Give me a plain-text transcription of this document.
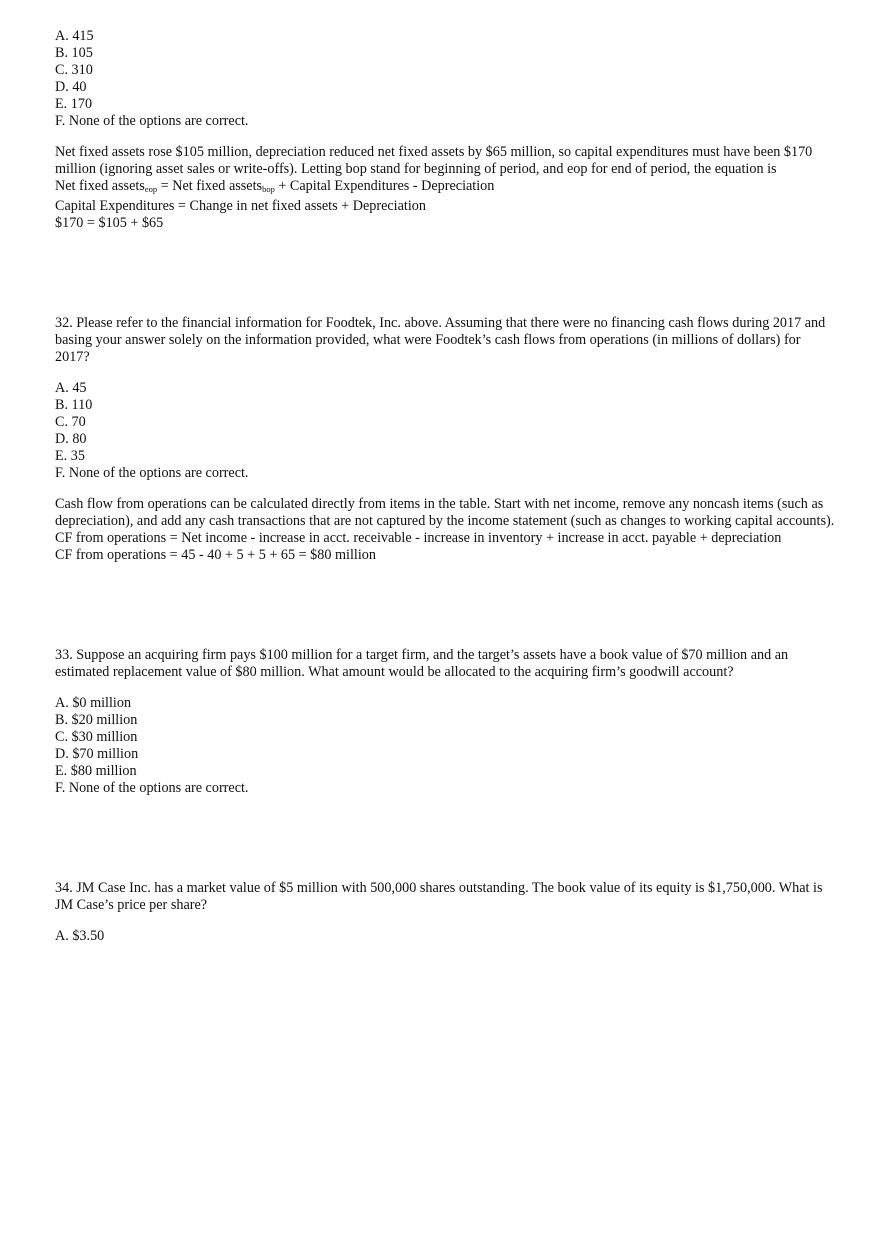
A. 415
B. 105
C. 310
D. 40
E. 170
F. None of the options are correct.
Net fixed assets rose $105 million, depreciation reduced net fixed assets by $65 million, so capital expenditures must have been $170 million (ignoring asset sales or write-offs). Letting bop stand for beginning of period, and eop for end of period, the equation is
Net fixed assets$_{eop}$ = Net fixed assets$_{bop}$ + Capital Expenditures - Depreciation
Capital Expenditures = Change in net fixed assets + Depreciation
$170 = $105 + $65
32. Please refer to the financial information for Foodtek, Inc. above. Assuming that there were no financing cash flows during 2017 and basing your answer solely on the information provided, what were Foodtek’s cash flows from operations (in millions of dollars) for 2017?
A. 45
B. 110
C. 70
D. 80
E. 35
F. None of the options are correct.
Cash flow from operations can be calculated directly from items in the table. Start with net income, remove any noncash items (such as depreciation), and add any cash transactions that are not captured by the income statement (such as changes to working capital accounts).
CF from operations = Net income - increase in acct. receivable - increase in inventory + increase in acct. payable + depreciation
CF from operations = 45 - 40 + 5 + 5 + 65 = $80 million
33. Suppose an acquiring firm pays $100 million for a target firm, and the target’s assets have a book value of $70 million and an estimated replacement value of $80 million. What amount would be allocated to the acquiring firm’s goodwill account?
A. $0 million
B. $20 million
C. $30 million
D. $70 million
E. $80 million
F. None of the options are correct.
34. JM Case Inc. has a market value of $5 million with 500,000 shares outstanding. The book value of its equity is $1,750,000. What is JM Case’s price per share?
A. $3.50
